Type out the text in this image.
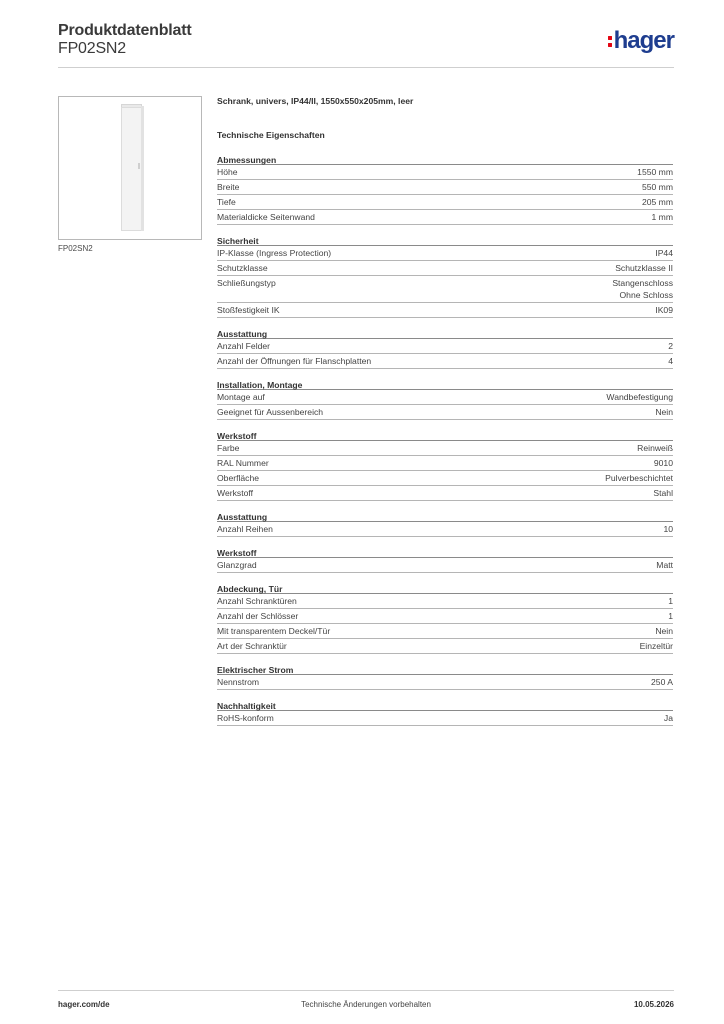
Produktdatenblatt
FP02SN2	hager
FP02SN2
Schrank, univers, IP44/II, 1550x550x205mm, leer
Technische Eigenschaften
Abmessungen
Höhe	1550 mm
Breite	550 mm
Tiefe	205 mm
Materialdicke Seitenwand	1 mm
Sicherheit
IP-Klasse (Ingress Protection)	IP44
Schutzklasse	Schutzklasse II
Schließungstyp	Stangenschloss
Ohne Schloss
Stoßfestigkeit IK	IK09
Ausstattung
Anzahl Felder	2
Anzahl der Öffnungen für Flanschplatten	4
Installation, Montage
Montage auf	Wandbefestigung
Geeignet für Aussenbereich	Nein
Werkstoff
Farbe	Reinweiß
RAL Nummer	9010
Oberfläche	Pulverbeschichtet
Werkstoff	Stahl
Ausstattung
Anzahl Reihen	10
Werkstoff
Glanzgrad	Matt
Abdeckung, Tür
Anzahl Schranktüren	1
Anzahl der Schlösser	1
Mit transparentem Deckel/Tür	Nein
Art der Schranktür	Einzeltür
Elektrischer Strom
Nennstrom	250 A
Nachhaltigkeit
RoHS-konform	Ja
hager.com/de	Technische Änderungen vorbehalten	10.05.2026
